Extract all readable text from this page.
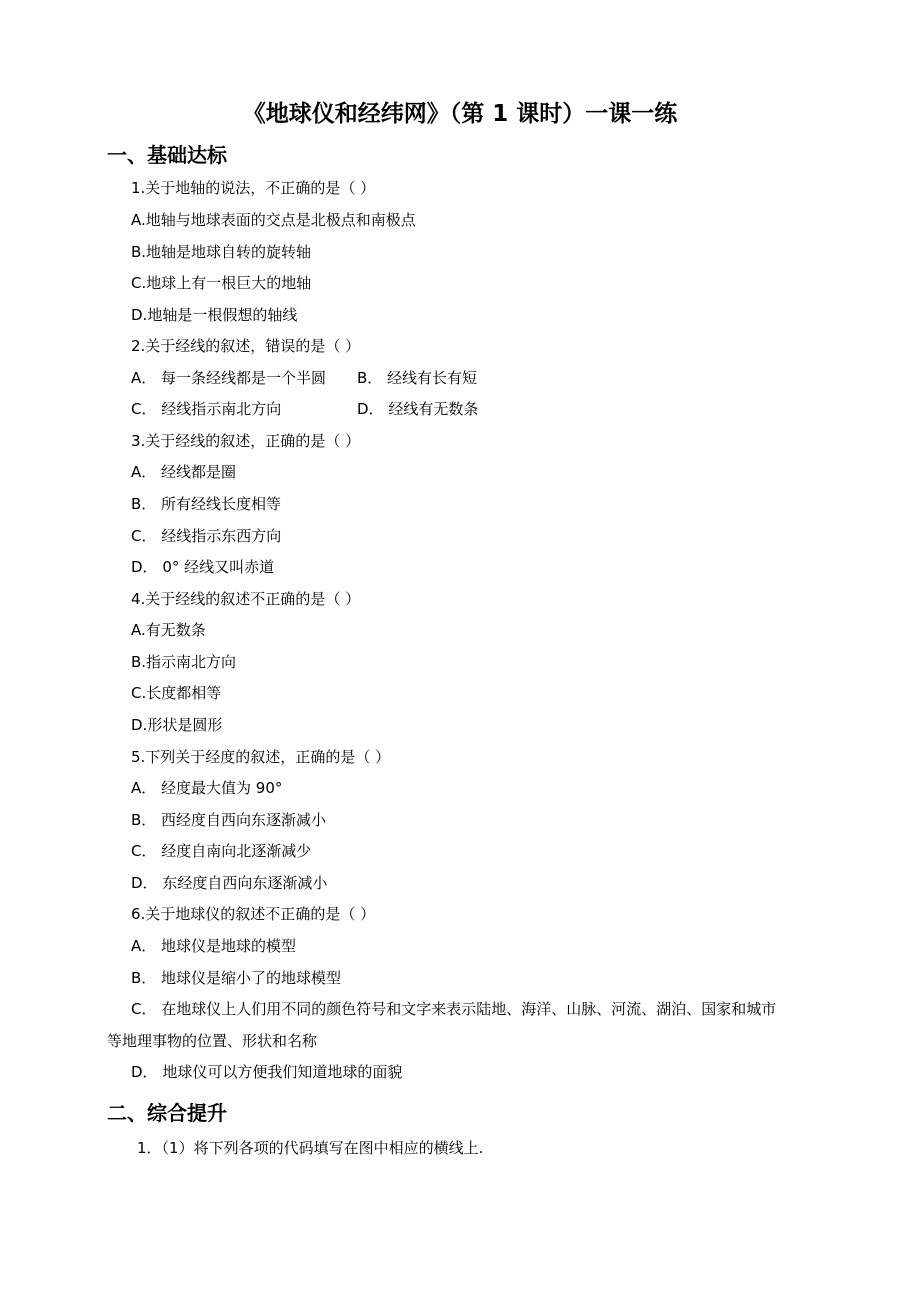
《地球仪和经纬网》（第 1 课时）一课一练
一、基础达标
1.关于地轴的说法，不正确的是（ ）
A.地轴与地球表面的交点是北极点和南极点
B.地轴是地球自转的旋转轴
C.地球上有一根巨大的地轴
D.地轴是一根假想的轴线
2.关于经线的叙述，错误的是（ ）
A． 每一条经线都是一个半圆 B． 经线有长有短
C． 经线指示南北方向	D． 经线有无数条
3.关于经线的叙述，正确的是（ ）
A． 经线都是圈
B． 所有经线长度相等
C． 经线指示东西方向
D． 0° 经线又叫赤道
4.关于经线的叙述不正确的是（ ）
A.有无数条
B.指示南北方向
C.长度都相等
D.形状是圆形
5.下列关于经度的叙述，正确的是（ ）
A． 经度最大值为 90°
B． 西经度自西向东逐渐减小
C． 经度自南向北逐渐减少
D． 东经度自西向东逐渐减小
6.关于地球仪的叙述不正确的是（ ）
A． 地球仪是地球的模型
B． 地球仪是缩小了的地球模型
C． 在地球仪上人们用不同的颜色符号和文字来表示陆地、海洋、山脉、河流、湖泊、国家和城市
等地理事物的位置、形状和名称
D． 地球仪可以方便我们知道地球的面貌
二、综合提升
1．（1）将下列各项的代码填写在图中相应的横线上.
